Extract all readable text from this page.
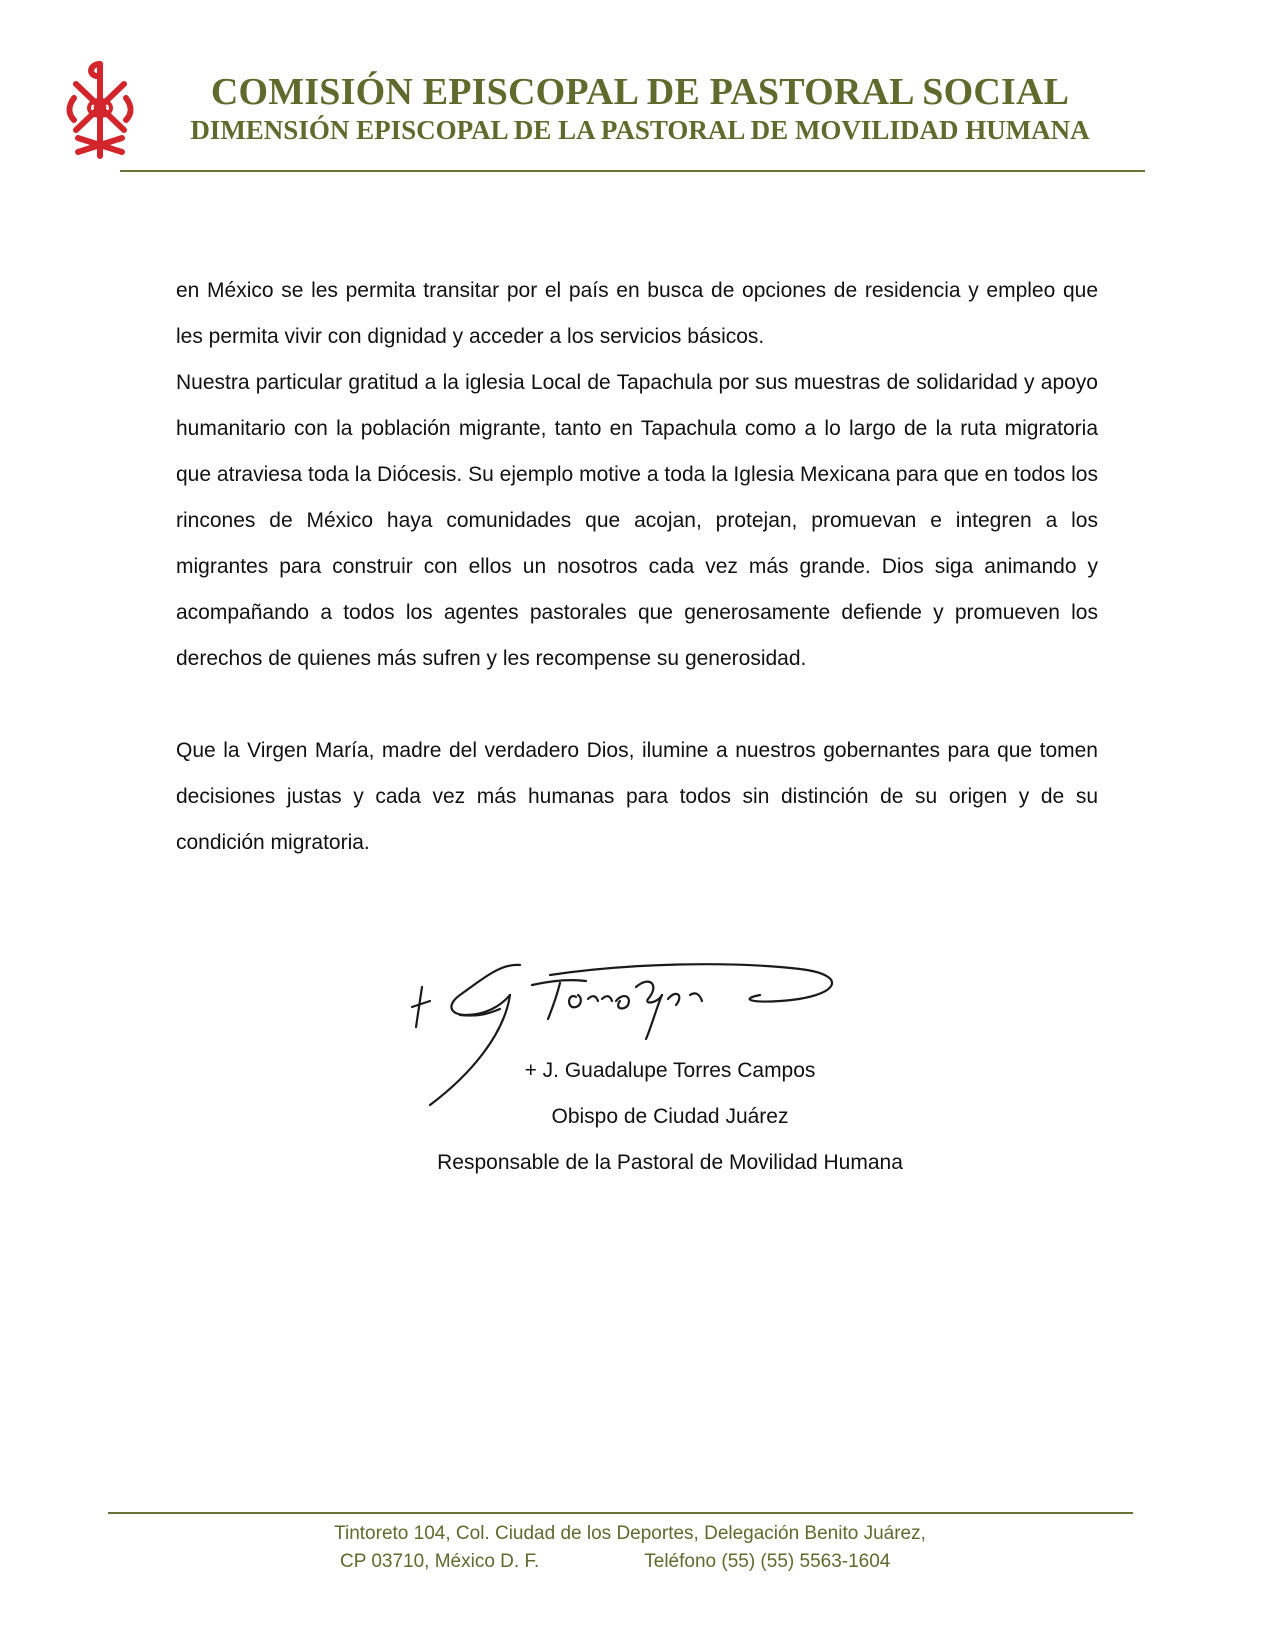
COMISIÓN EPISCOPAL DE PASTORAL SOCIAL
DIMENSIÓN EPISCOPAL DE LA PASTORAL DE MOVILIDAD HUMANA

en México se les permita transitar por el país en busca de opciones de residencia y empleo que les permita vivir con dignidad y acceder a los servicios básicos.

Nuestra particular gratitud a la iglesia Local de Tapachula por sus muestras de solidaridad y apoyo humanitario con la población migrante, tanto en Tapachula como a lo largo de la ruta migratoria que atraviesa toda la Diócesis. Su ejemplo motive a toda la Iglesia Mexicana para que en todos los rincones de México haya comunidades que acojan, protejan, promuevan e integren a los migrantes para construir con ellos un nosotros cada vez más grande. Dios siga animando y acompañando a todos los agentes pastorales que generosamente defiende y promueven los derechos de quienes más sufren y les recompense su generosidad.

Que la Virgen María, madre del verdadero Dios, ilumine a nuestros gobernantes para que tomen decisiones justas y cada vez más humanas para todos sin distinción de su origen y de su condición migratoria.

+ J. Guadalupe Torres Campos
Obispo de Ciudad Juárez
Responsable de la Pastoral de Movilidad Humana
Tintoreto 104, Col. Ciudad de los Deportes, Delegación Benito Juárez,
CP 03710, México D. F.	Teléfono (55) (55) 5563-1604
